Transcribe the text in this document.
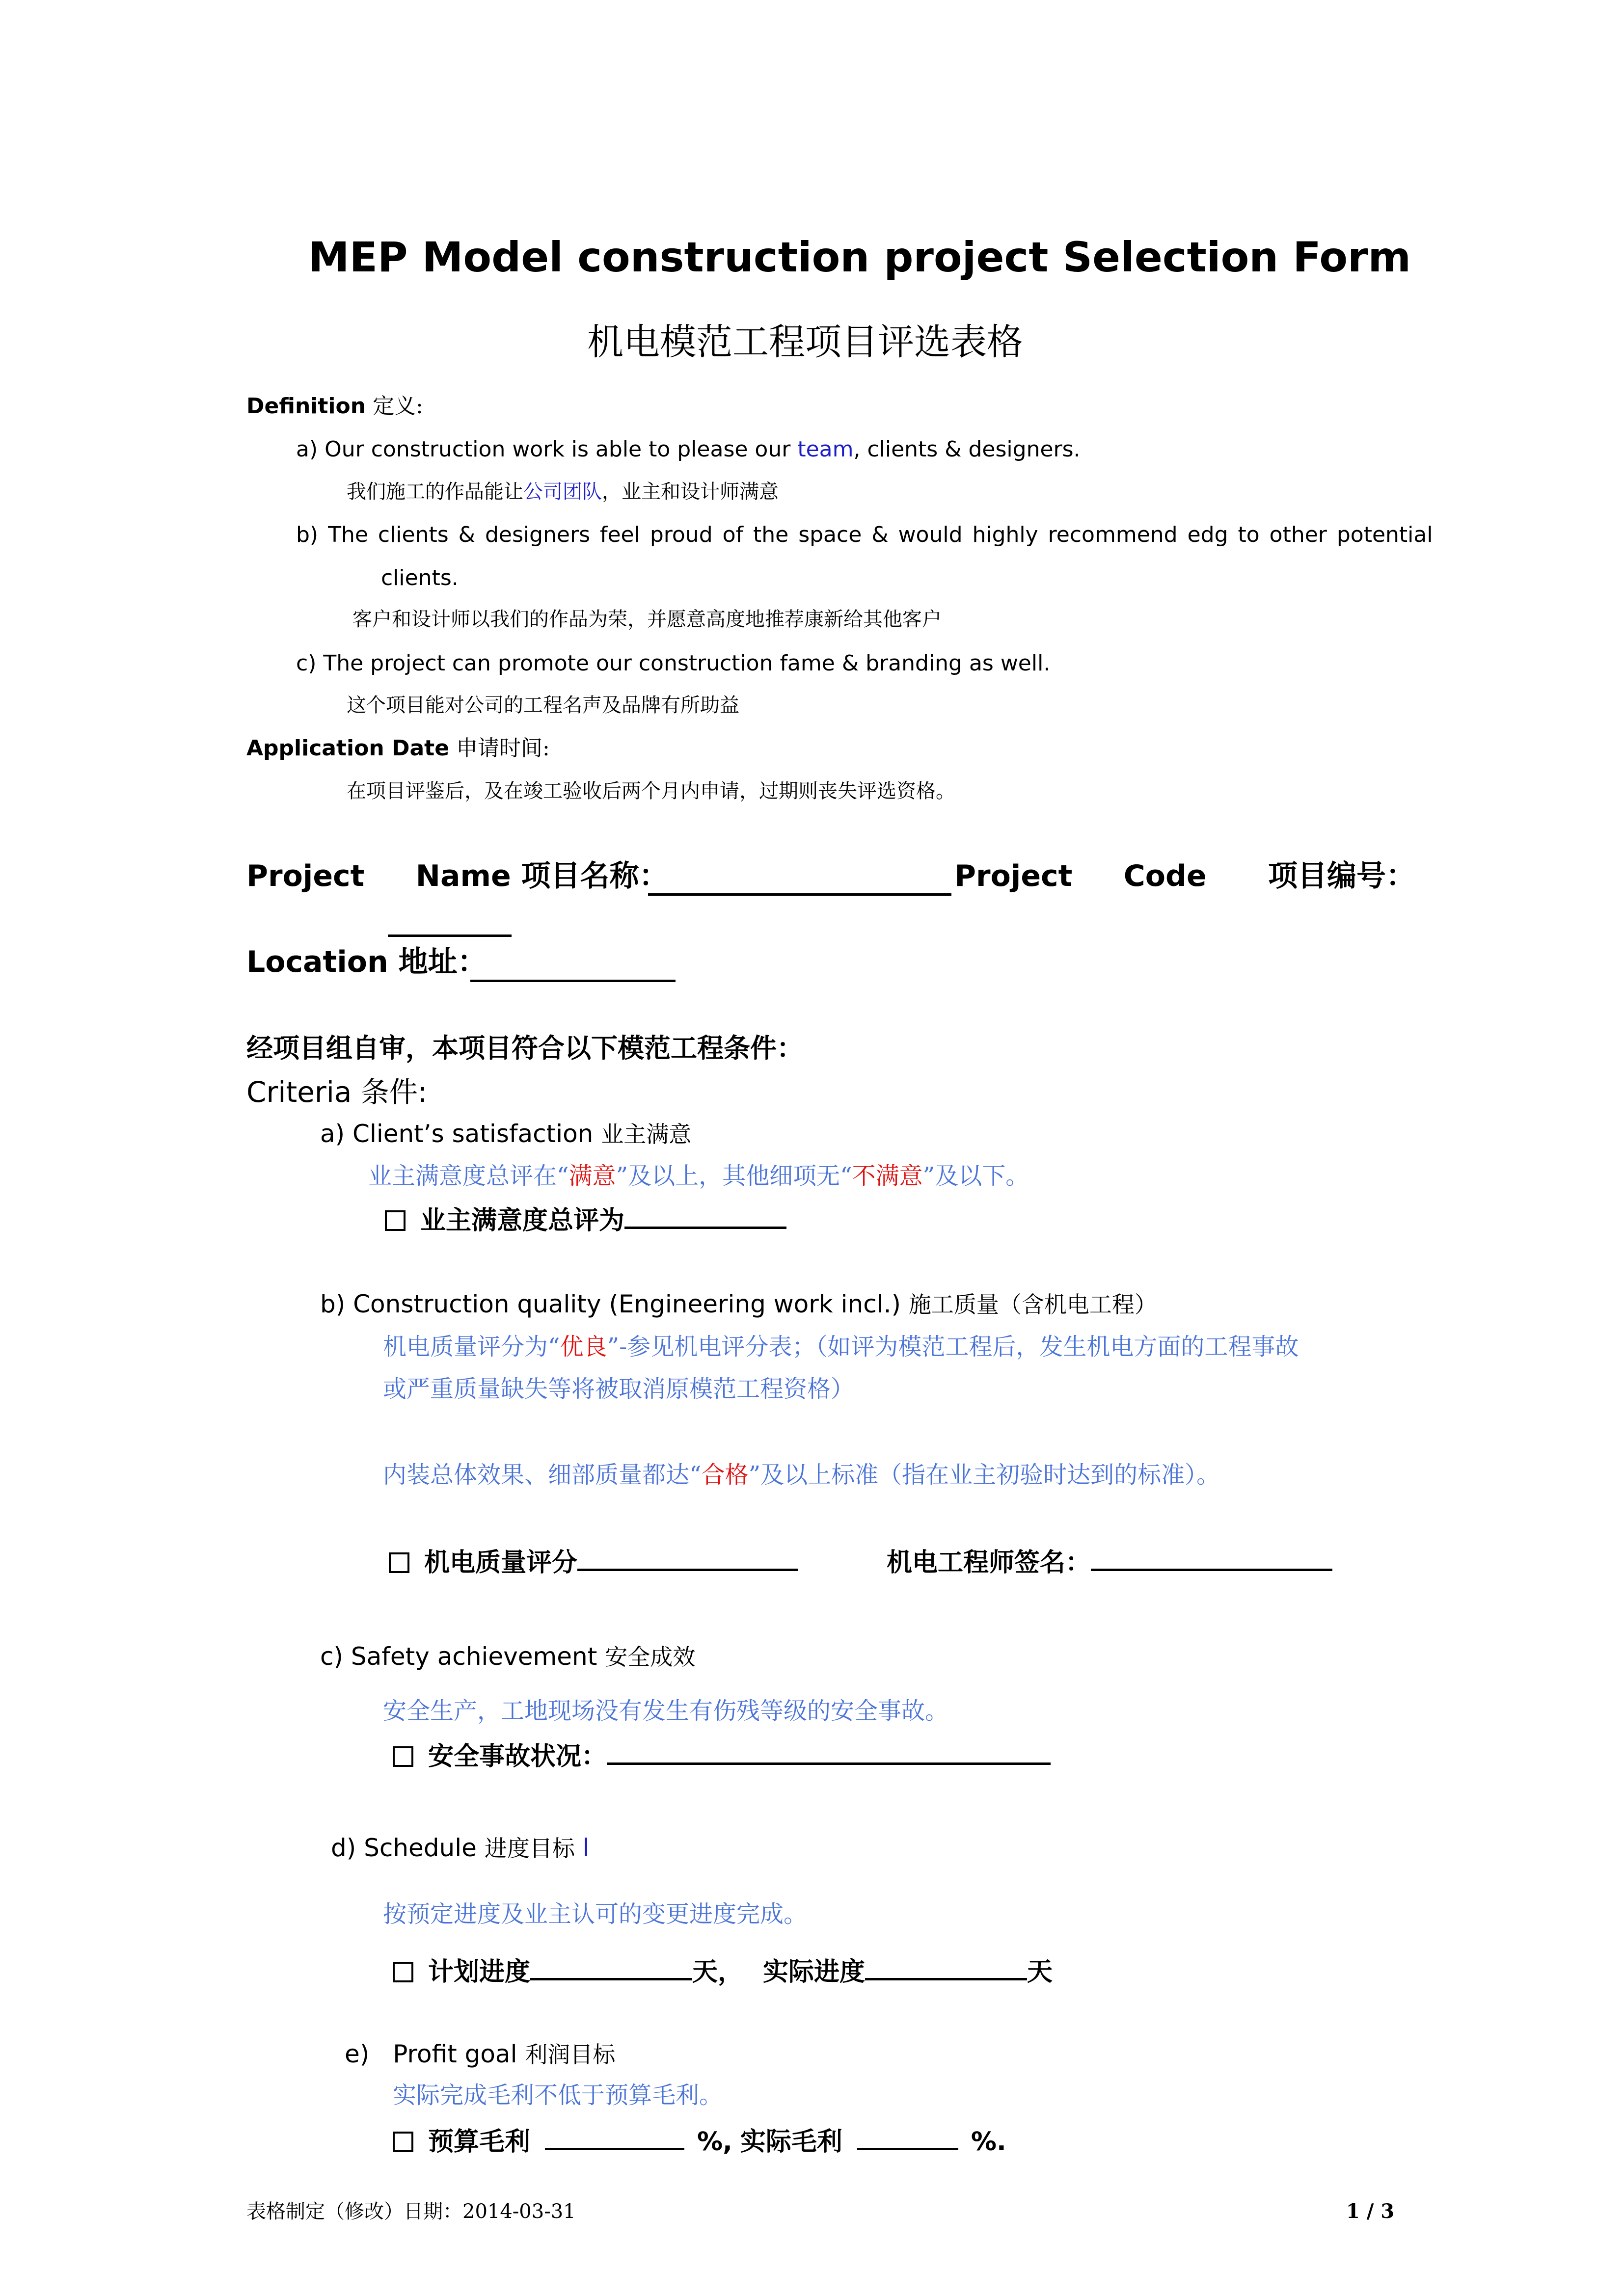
MEP Model construction project Selection Form
机电模范工程项目评选表格
Definition 定义:
a) Our construction work is able to please our team, clients & designers.
我们施工的作品能让公司团队，业主和设计师满意
b) The clients & designers feel proud of the space & would highly recommend edg to other potential
clients.
客户和设计师以我们的作品为荣，并愿意高度地推荐康新给其他客户
c) The project can promote our construction fame & branding as well.
这个项目能对公司的工程名声及品牌有所助益
Application Date 申请时间:
在项目评鉴后，及在竣工验收后两个月内申请，过期则丧失评选资格。
Project     Name 项目名称：	Project     Code      项目编号：
Location 地址：
经项目组自审，本项目符合以下模范工程条件：
Criteria 条件:
a) Client’s satisfaction 业主满意
业主满意度总评在“满意”及以上，其他细项无“不满意”及以下。
业主满意度总评为
b) Construction quality (Engineering work incl.) 施工质量（含机电工程）
机电质量评分为“优良”-参见机电评分表；（如评为模范工程后，发生机电方面的工程事故
或严重质量缺失等将被取消原模范工程资格）
内装总体效果、细部质量都达“合格”及以上标准（指在业主初验时达到的标准）。
机电质量评分	机电工程师签名：
c) Safety achievement 安全成效
安全生产，工地现场没有发生有伤残等级的安全事故。
安全事故状况：
d) Schedule 进度目标 l
按预定进度及业主认可的变更进度完成。
计划进度	天， 实际进度	天
e) Profit goal 利润目标
实际完成毛利不低于预算毛利。
预算毛利	%, 实际毛利	%.
表格制定（修改）日期：2014-03-31	1 / 3
